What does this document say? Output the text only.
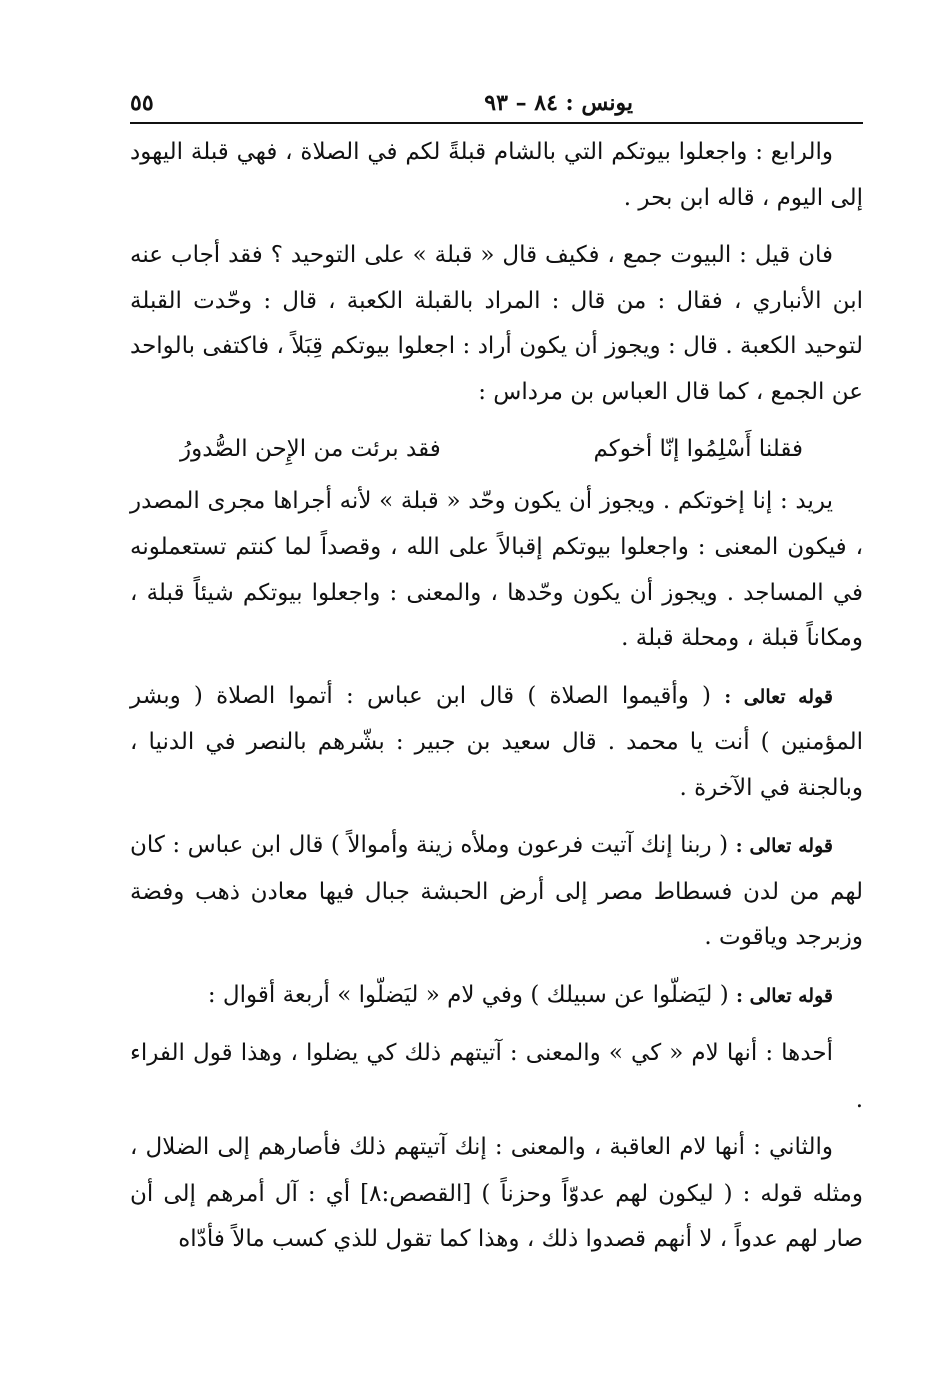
٥٥	يونس : ٨٤ – ٩٣

والرابع : واجعلوا بيوتكم التي بالشام قبلةً لكم في الصلاة ، فهي قبلة اليهود إلى اليوم ، قاله ابن بحر .

فان قيل : البيوت جمع ، فكيف قال « قبلة » على التوحيد ؟ فقد أجاب عنه ابن الأنباري ، فقال : من قال : المراد بالقبلة الكعبة ، قال : وحّدت القبلة لتوحيد الكعبة . قال : ويجوز أن يكون أراد : اجعلوا بيوتكم قِبَلاً ، فاكتفى بالواحد عن الجمع ، كما قال العباس بن مرداس :

فقلنا أَسْلِمُوا إنّا أخوكم
فقد برئت من الإِحن الصُّدورُ

يريد : إنا إخوتكم . ويجوز أن يكون وحّد « قبلة » لأنه أجراها مجرى المصدر ، فيكون المعنى : واجعلوا بيوتكم إقبالاً على الله ، وقصداً لما كنتم تستعملونه في المساجد . ويجوز أن يكون وحّدها ، والمعنى : واجعلوا بيوتكم شيئاً قبلة ، ومكاناً قبلة ، ومحلة قبلة .

قوله تعالى : ( وأقيموا الصلاة ) قال ابن عباس : أتموا الصلاة ( وبشر المؤمنين ) أنت يا محمد . قال سعيد بن جبير : بشّرهم بالنصر في الدنيا ، وبالجنة في الآخرة .

قوله تعالى : ( ربنا إنك آتيت فرعون وملأه زينة وأموالاً ) قال ابن عباس : كان لهم من لدن فسطاط مصر إلى أرض الحبشة جبال فيها معادن ذهب وفضة وزبرجد وياقوت .

قوله تعالى : ( ليَضلّوا عن سبيلك ) وفي لام « ليَضلّوا » أربعة أقوال :

أحدها : أنها لام « كي » والمعنى : آتيتهم ذلك كي يضلوا ، وهذا قول الفراء .

والثاني : أنها لام العاقبة ، والمعنى : إنك آتيتهم ذلك فأصارهم إلى الضلال ، ومثله قوله : ( ليكون لهم عدوّاً وحزناً ) [القصص:٨] أي : آل أمرهم إلى أن صار لهم عدواً ، لا أنهم قصدوا ذلك ، وهذا كما تقول للذي كسب مالاً فأدّاه
